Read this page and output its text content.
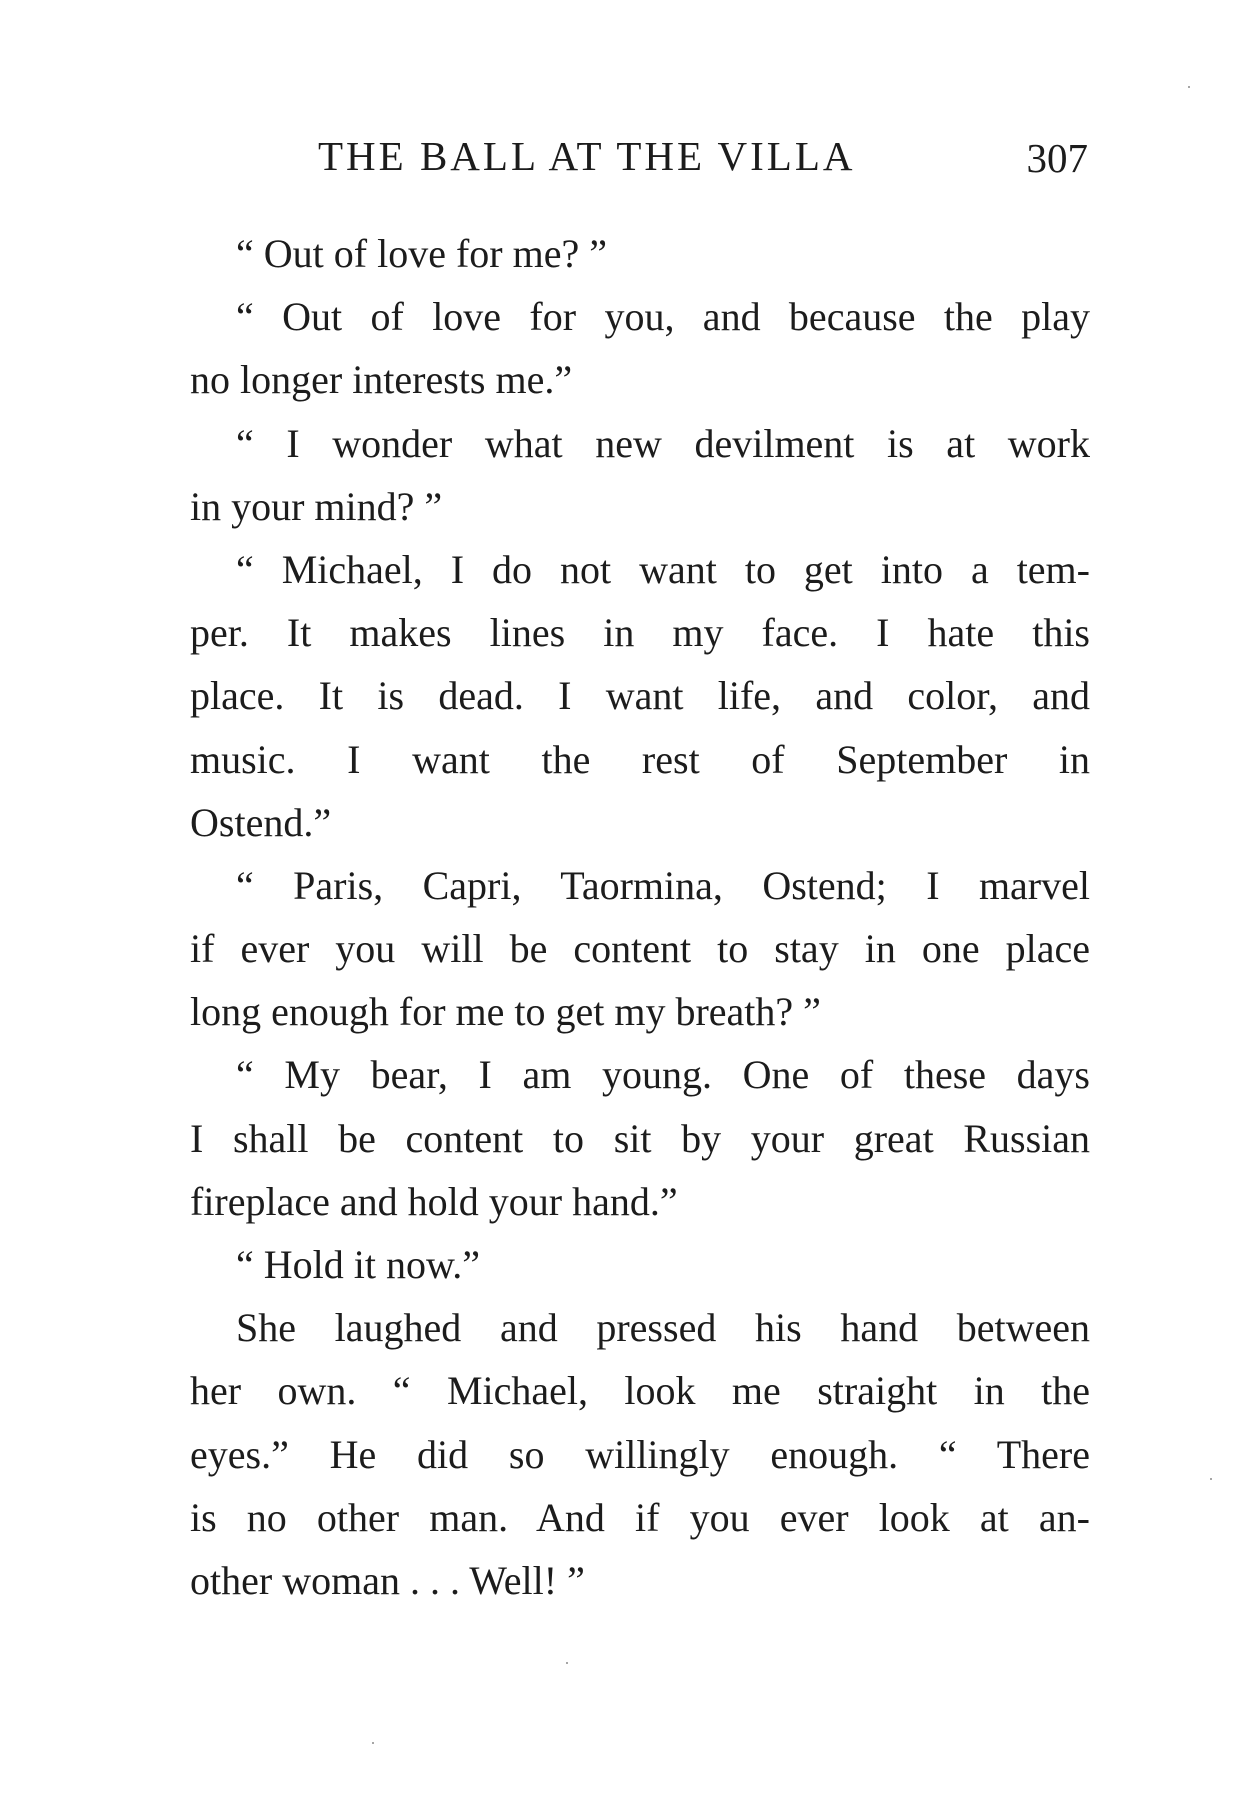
THE BALL AT THE VILLA	307
“ Out of love for me? ”
“ Out of love for you, and because the play
no longer interests me.”
“ I wonder what new devilment is at work
in your mind? ”
“ Michael, I do not want to get into a tem-
per. It makes lines in my face. I hate this
place. It is dead. I want life, and color, and
music. I want the rest of September in
Ostend.”
“ Paris, Capri, Taormina, Ostend; I marvel
if ever you will be content to stay in one place
long enough for me to get my breath? ”
“ My bear, I am young. One of these days
I shall be content to sit by your great Russian
fireplace and hold your hand.”
“ Hold it now.”
She laughed and pressed his hand between
her own. “ Michael, look me straight in the
eyes.” He did so willingly enough. “ There
is no other man. And if you ever look at an-
other woman . . . Well! ”
